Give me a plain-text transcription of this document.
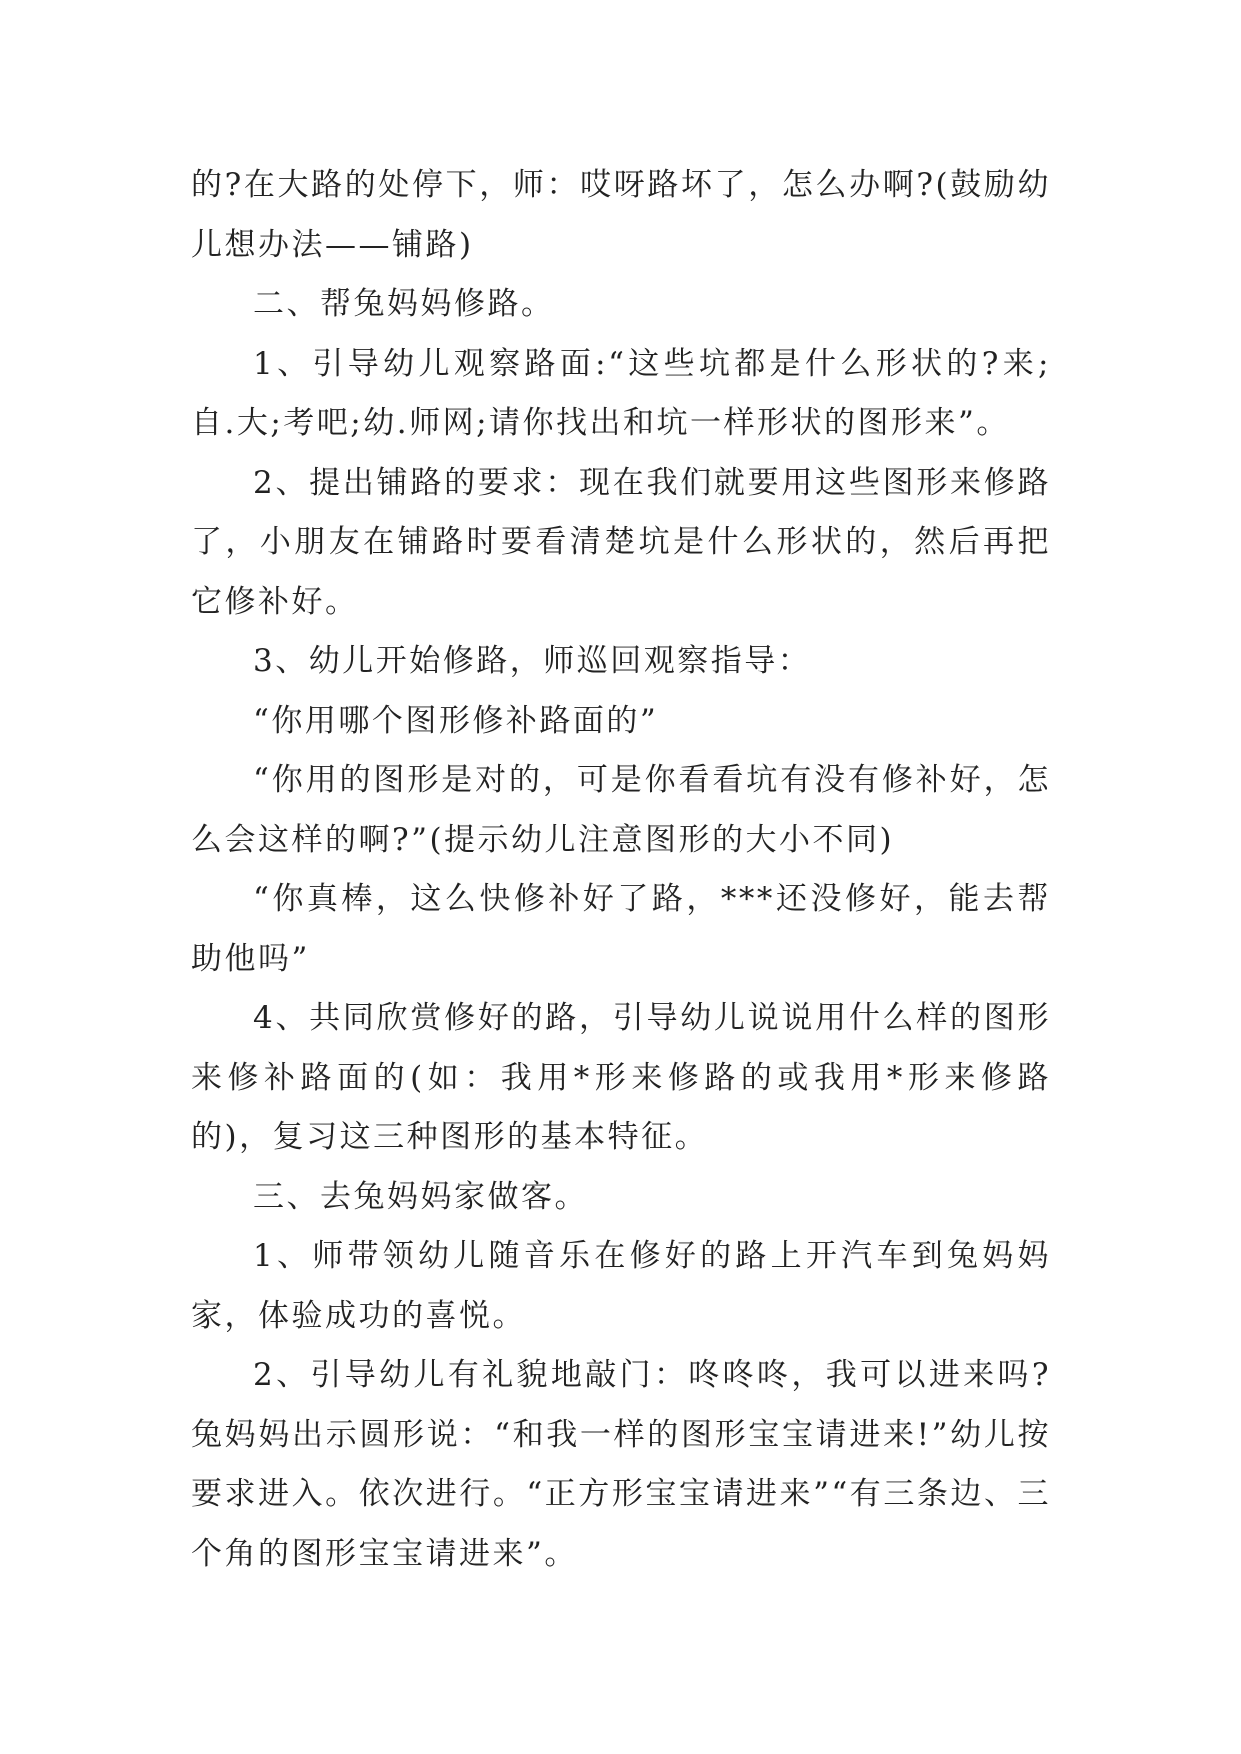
的?在大路的处停下，师：哎呀路坏了，怎么办啊?(鼓励幼儿想办法——铺路)

二、帮兔妈妈修路。

1、引导幼儿观察路面:“这些坑都是什么形状的?来;自.大;考吧;幼.师网;请你找出和坑一样形状的图形来”。

2、提出铺路的要求：现在我们就要用这些图形来修路了，小朋友在铺路时要看清楚坑是什么形状的，然后再把它修补好。

3、幼儿开始修路，师巡回观察指导：

“你用哪个图形修补路面的”

“你用的图形是对的，可是你看看坑有没有修补好，怎么会这样的啊?”(提示幼儿注意图形的大小不同)

“你真棒，这么快修补好了路，***还没修好，能去帮助他吗”

4、共同欣赏修好的路，引导幼儿说说用什么样的图形来修补路面的(如：我用*形来修路的或我用*形来修路的)，复习这三种图形的基本特征。

三、去兔妈妈家做客。

1、师带领幼儿随音乐在修好的路上开汽车到兔妈妈家，体验成功的喜悦。

2、引导幼儿有礼貌地敲门：咚咚咚，我可以进来吗?兔妈妈出示圆形说：“和我一样的图形宝宝请进来!”幼儿按要求进入。依次进行。“正方形宝宝请进来”“有三条边、三个角的图形宝宝请进来”。
